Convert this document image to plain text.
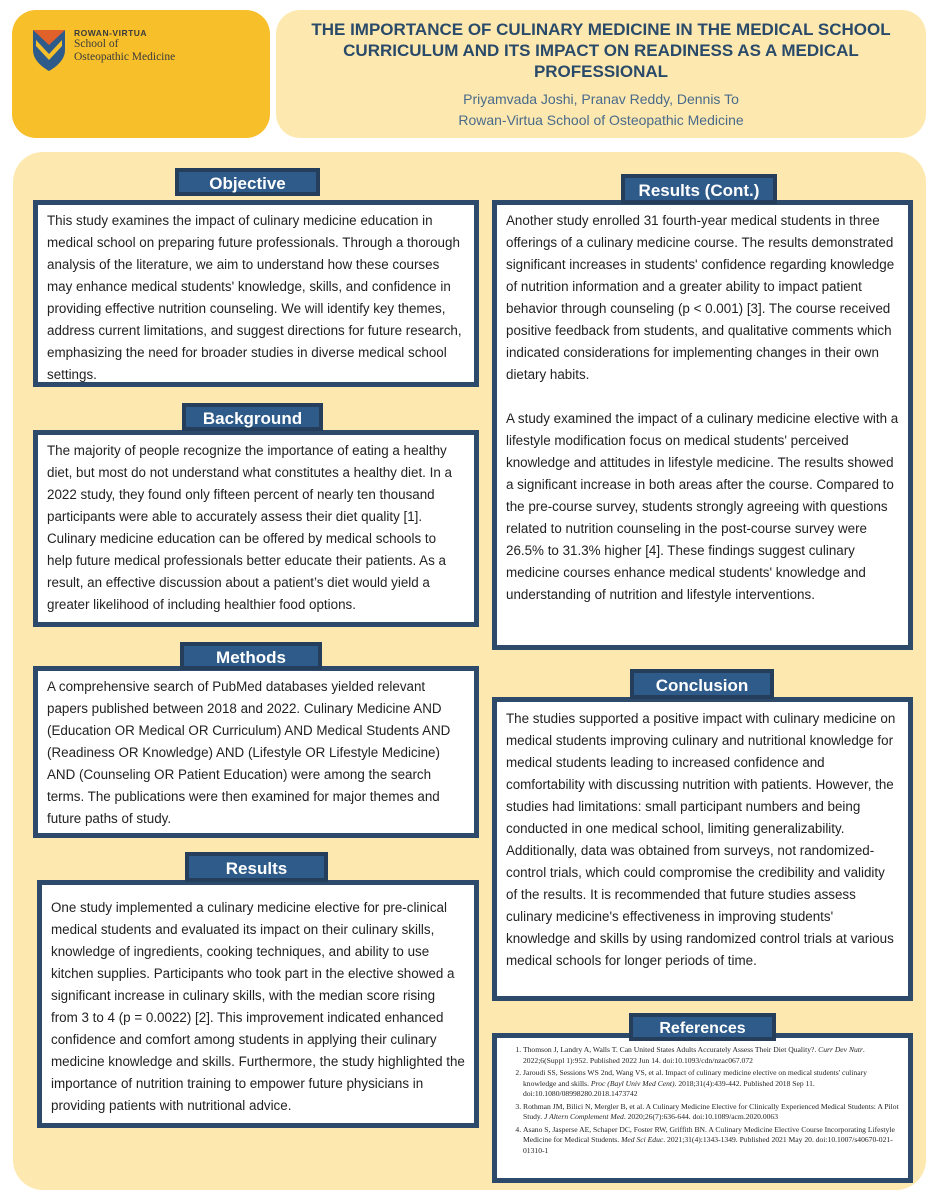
ROWAN-VIRTUA
School of
Osteopathic Medicine
THE IMPORTANCE OF CULINARY MEDICINE IN THE MEDICAL SCHOOL CURRICULUM AND ITS IMPACT ON READINESS AS A MEDICAL PROFESSIONAL
Priyamvada Joshi, Pranav Reddy, Dennis To
Rowan-Virtua School of Osteopathic Medicine
This study examines the impact of culinary medicine education in medical school on preparing future professionals. Through a thorough analysis of the literature, we aim to understand how these courses may enhance medical students' knowledge, skills, and confidence in providing effective nutrition counseling. We will identify key themes, address current limitations, and suggest directions for future research, emphasizing the need for broader studies in diverse medical school settings.
Objective
The majority of people recognize the importance of eating a healthy diet, but most do not understand what constitutes a healthy diet. In a 2022 study, they found only fifteen percent of nearly ten thousand participants were able to accurately assess their diet quality [1]. Culinary medicine education can be offered by medical schools to help future medical professionals better educate their patients. As a result, an effective discussion about a patient’s diet would yield a greater likelihood of including healthier food options.
Background
A comprehensive search of PubMed databases yielded relevant papers published between 2018 and 2022. Culinary Medicine AND (Education OR Medical OR Curriculum) AND Medical Students AND (Readiness OR Knowledge) AND (Lifestyle OR Lifestyle Medicine) AND (Counseling OR Patient Education) were among the search terms. The publications were then examined for major themes and future paths of study.
Methods
One study implemented a culinary medicine elective for pre-clinical medical students and evaluated its impact on their culinary skills, knowledge of ingredients, cooking techniques, and ability to use kitchen supplies. Participants who took part in the elective showed a significant increase in culinary skills, with the median score rising from 3 to 4 (p = 0.0022) [2]. This improvement indicated enhanced confidence and comfort among students in applying their culinary medicine knowledge and skills. Furthermore, the study highlighted the importance of nutrition training to empower future physicians in providing patients with nutritional advice.
Results
Another study enrolled 31 fourth-year medical students in three offerings of a culinary medicine course. The results demonstrated significant increases in students' confidence regarding knowledge of nutrition information and a greater ability to impact patient behavior through counseling (p < 0.001) [3]. The course received positive feedback from students, and qualitative comments which indicated considerations for implementing changes in their own dietary habits.
A study examined the impact of a culinary medicine elective with a lifestyle modification focus on medical students' perceived knowledge and attitudes in lifestyle medicine. The results showed a significant increase in both areas after the course. Compared to the pre-course survey, students strongly agreeing with questions related to nutrition counseling in the post-course survey were 26.5% to 31.3% higher [4]. These findings suggest culinary medicine courses enhance medical students' knowledge and understanding of nutrition and lifestyle interventions.
Results (Cont.)
The studies supported a positive impact with culinary medicine on medical students improving culinary and nutritional knowledge for medical students leading to increased confidence and comfortability with discussing nutrition with patients. However, the studies had limitations: small participant numbers and being conducted in one medical school, limiting generalizability. Additionally, data was obtained from surveys, not randomized-control trials, which could compromise the credibility and validity of the results. It is recommended that future studies assess culinary medicine's effectiveness in improving students' knowledge and skills by using randomized control trials at various medical schools for longer periods of time.
Conclusion
1. Thomson J, Landry A, Walls T. Can United States Adults Accurately Assess Their Diet Quality?. Curr Dev Nutr. 2022;6(Suppl 1):952. Published 2022 Jun 14. doi:10.1093/cdn/nzac067.072
2. Jaroudi SS, Sessions WS 2nd, Wang VS, et al. Impact of culinary medicine elective on medical students' culinary knowledge and skills. Proc (Bayl Univ Med Cent). 2018;31(4):439-442. Published 2018 Sep 11. doi:10.1080/08998280.2018.1473742
3. Rothman JM, Bilici N, Mergler B, et al. A Culinary Medicine Elective for Clinically Experienced Medical Students: A Pilot Study. J Altern Complement Med. 2020;26(7):636-644. doi:10.1089/acm.2020.0063
4. Asano S, Jasperse AE, Schaper DC, Foster RW, Griffith BN. A Culinary Medicine Elective Course Incorporating Lifestyle Medicine for Medical Students. Med Sci Educ. 2021;31(4):1343-1349. Published 2021 May 20. doi:10.1007/s40670-021-01310-1
References
